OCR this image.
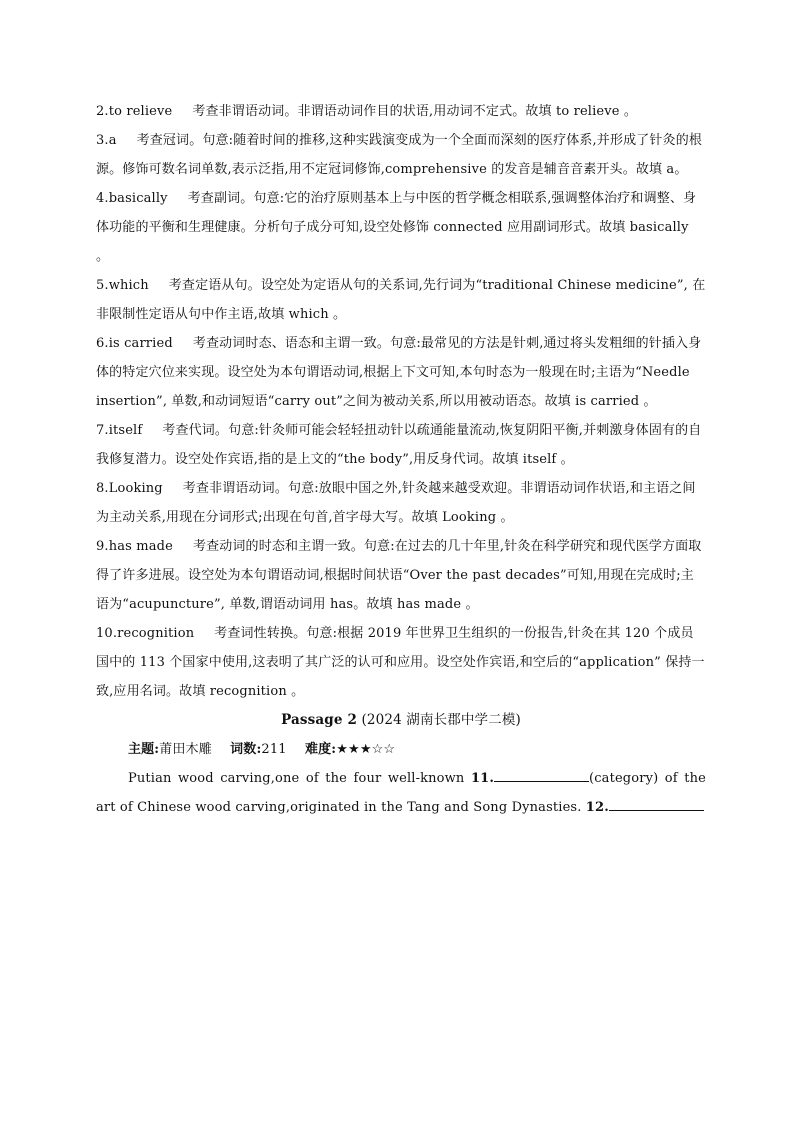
2.to relieve 考查非谓语动词。非谓语动词作目的状语,用动词不定式。故填 to relieve 。

3.a 考查冠词。句意:随着时间的推移,这种实践演变成为一个全面而深刻的医疗体系,并形成了针灸的根源。修饰可数名词单数,表示泛指,用不定冠词修饰,comprehensive 的发音是辅音音素开头。故填 a。

4.basically 考查副词。句意:它的治疗原则基本上与中医的哲学概念相联系,强调整体治疗和调整、身体功能的平衡和生理健康。分析句子成分可知,设空处修饰 connected 应用副词形式。故填 basically 。

5.which 考查定语从句。设空处为定语从句的关系词,先行词为“traditional Chinese medicine”, 在非限制性定语从句中作主语,故填 which 。

6.is carried 考查动词时态、语态和主谓一致。句意:最常见的方法是针刺,通过将头发粗细的针插入身体的特定穴位来实现。设空处为本句谓语动词,根据上下文可知,本句时态为一般现在时;主语为“Needle insertion”, 单数,和动词短语“carry out”之间为被动关系,所以用被动语态。故填 is carried 。

7.itself 考查代词。句意:针灸师可能会轻轻扭动针以疏通能量流动,恢复阴阳平衡,并刺激身体固有的自我修复潜力。设空处作宾语,指的是上文的“the body”,用反身代词。故填 itself 。

8.Looking 考查非谓语动词。句意:放眼中国之外,针灸越来越受欢迎。非谓语动词作状语,和主语之间为主动关系,用现在分词形式;出现在句首,首字母大写。故填 Looking 。

9.has made 考查动词的时态和主谓一致。句意:在过去的几十年里,针灸在科学研究和现代医学方面取得了许多进展。设空处为本句谓语动词,根据时间状语“Over the past decades”可知,用现在完成时;主语为“acupuncture”, 单数,谓语动词用 has。故填 has made 。

10.recognition 考查词性转换。句意:根据 2019 年世界卫生组织的一份报告,针灸在其 120 个成员国中的 113 个国家中使用,这表明了其广泛的认可和应用。设空处作宾语,和空后的“application” 保持一致,应用名词。故填 recognition 。

Passage 2 (2024 湖南长郡中学二模)

主题:莆田木雕 词数:211 难度:★★★☆☆

Putian wood carving,one of the four well-known 11.	(category) of the art of Chinese wood carving,originated in the Tang and Song Dynasties. 12.
